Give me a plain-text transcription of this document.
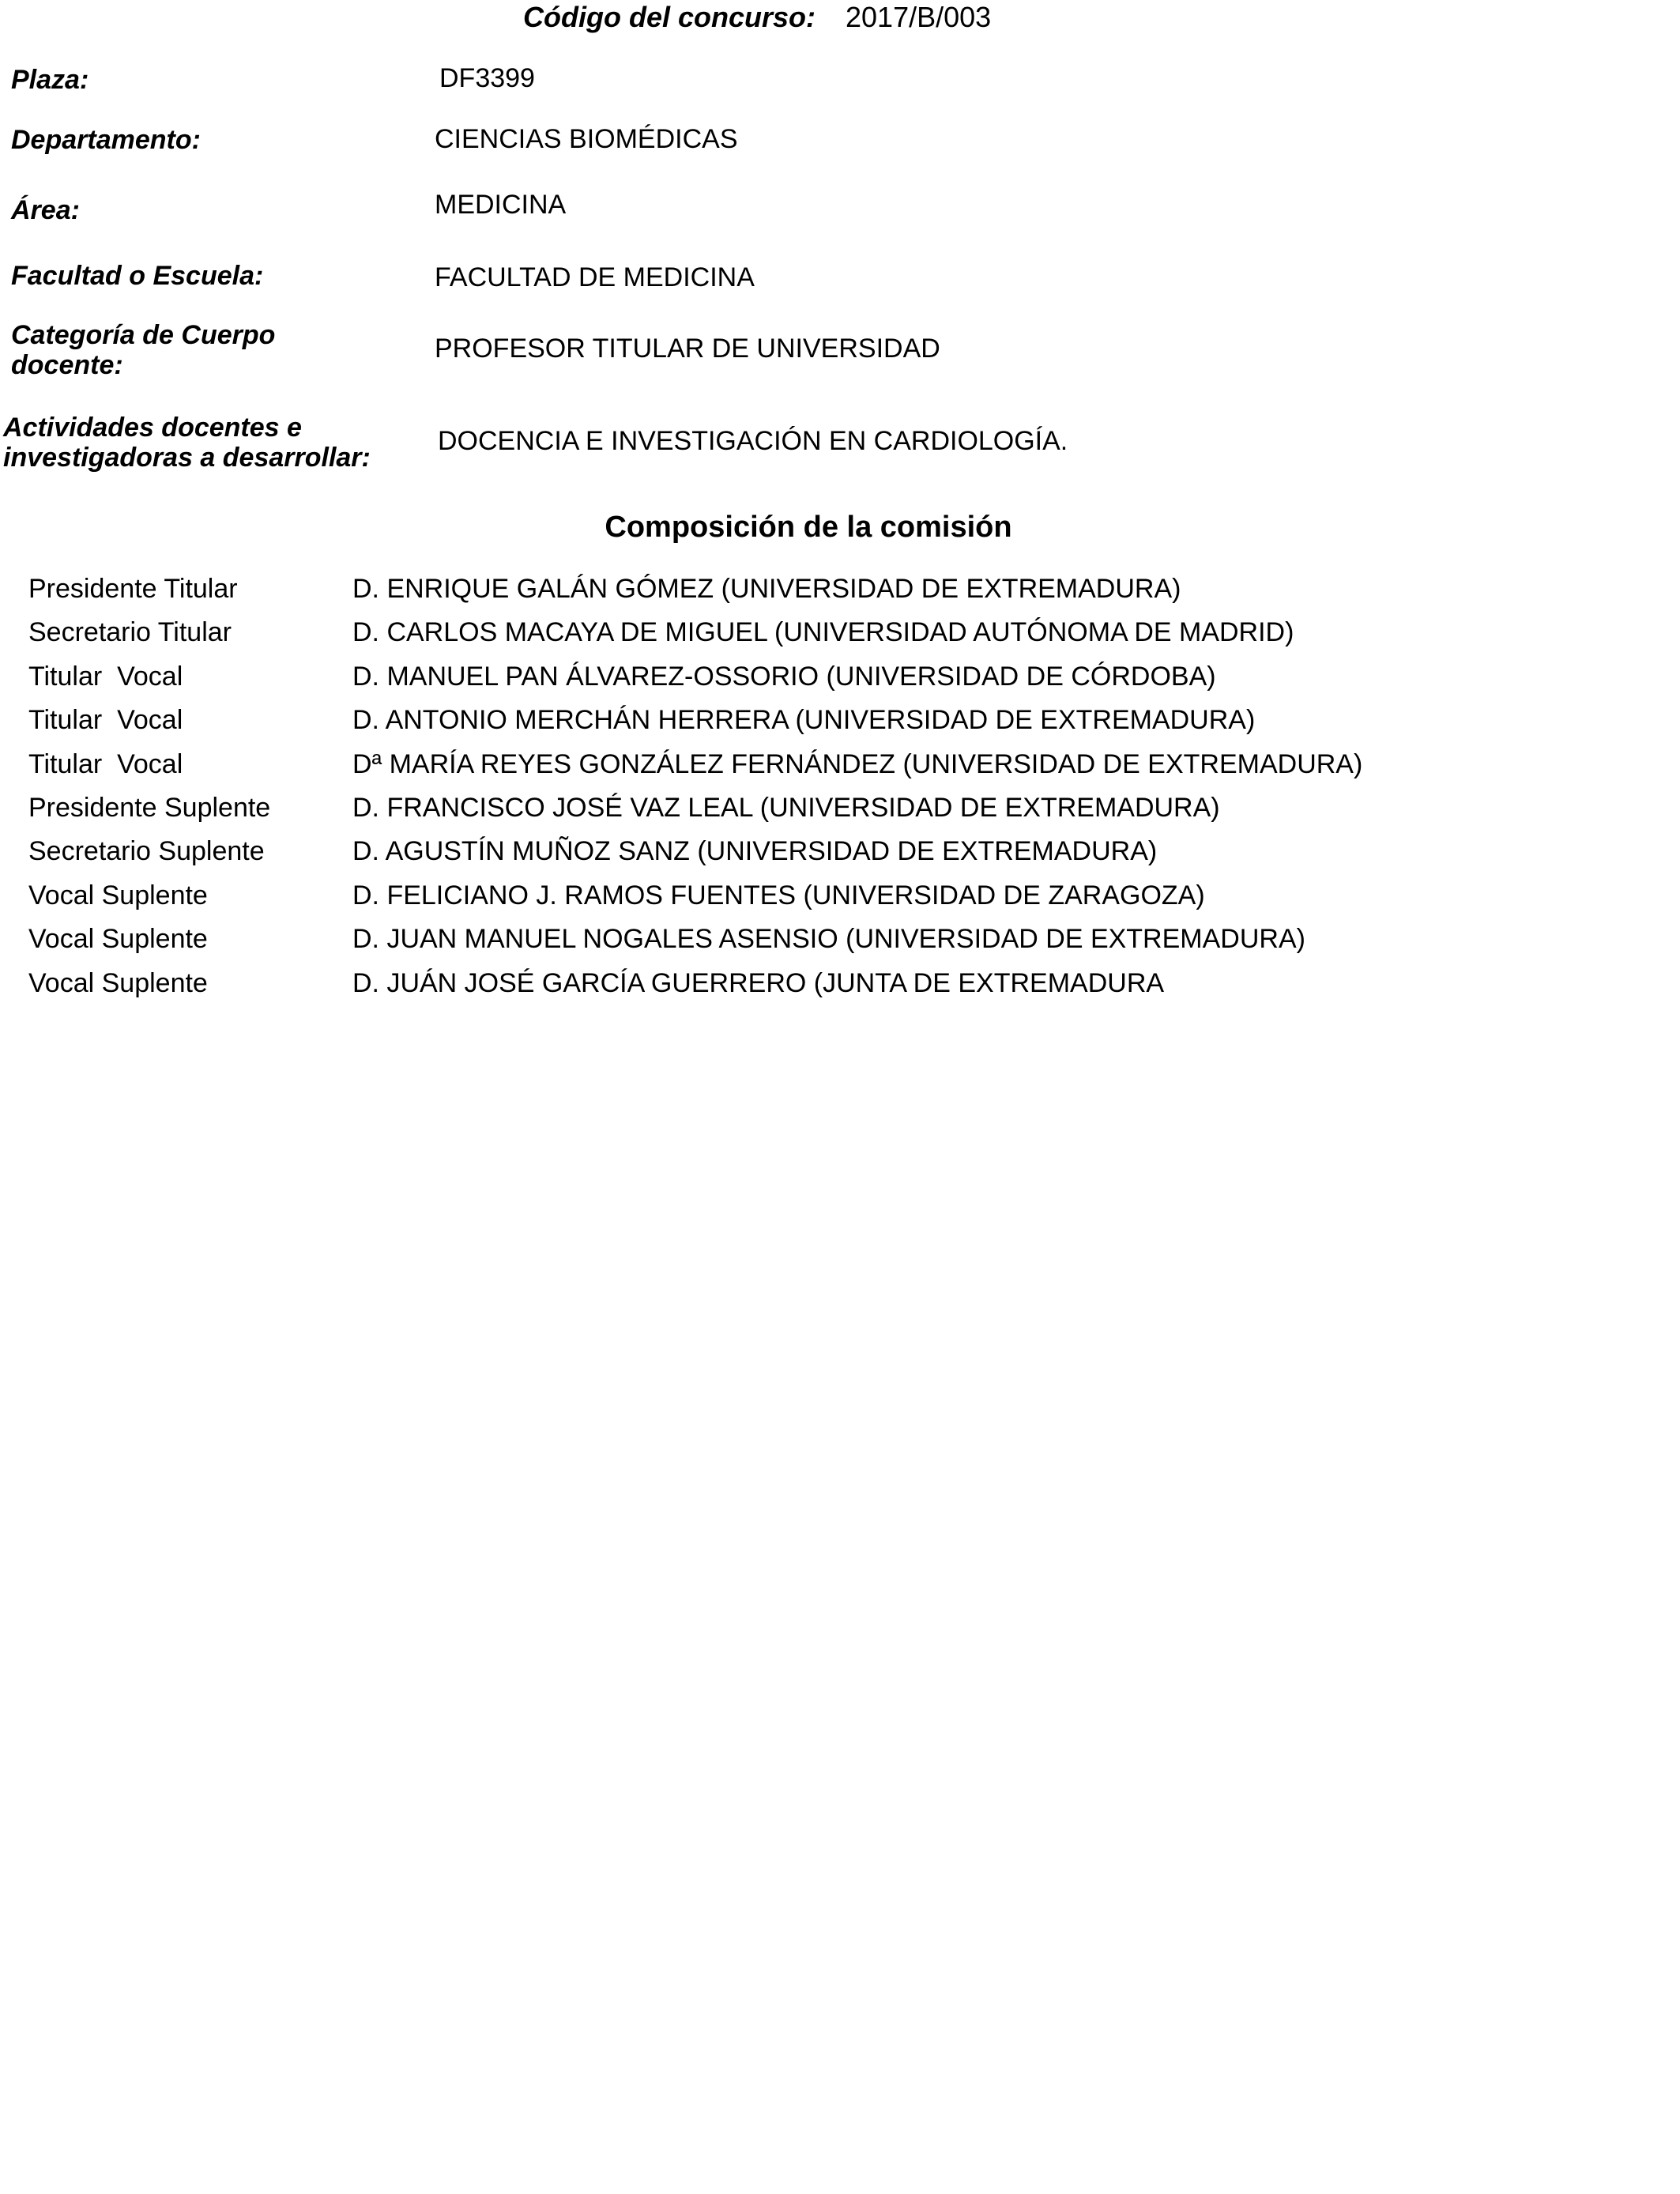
Código del concurso: 2017/B/003
Plaza:	DF3399
Departamento:	CIENCIAS BIOMÉDICAS
Área:	MEDICINA
Facultad o Escuela:	FACULTAD DE MEDICINA
Categoría de Cuerpo
docente:
PROFESOR TITULAR DE UNIVERSIDAD
Actividades docentes e
investigadoras a desarrollar:
DOCENCIA E INVESTIGACIÓN EN CARDIOLOGÍA.
Composición de la comisión
Presidente Titular	D. ENRIQUE GALÁN GÓMEZ (UNIVERSIDAD DE EXTREMADURA)
Secretario Titular	D. CARLOS MACAYA DE MIGUEL (UNIVERSIDAD AUTÓNOMA DE MADRID)
Titular  Vocal	D. MANUEL PAN ÁLVAREZ-OSSORIO (UNIVERSIDAD DE CÓRDOBA)
Titular  Vocal	D. ANTONIO MERCHÁN HERRERA (UNIVERSIDAD DE EXTREMADURA)
Titular  Vocal	Dª MARÍA REYES GONZÁLEZ FERNÁNDEZ (UNIVERSIDAD DE EXTREMADURA)
Presidente Suplente	D. FRANCISCO JOSÉ VAZ LEAL (UNIVERSIDAD DE EXTREMADURA)
Secretario Suplente	D. AGUSTÍN MUÑOZ SANZ (UNIVERSIDAD DE EXTREMADURA)
Vocal Suplente	D. FELICIANO J. RAMOS FUENTES (UNIVERSIDAD DE ZARAGOZA)
Vocal Suplente	D. JUAN MANUEL NOGALES ASENSIO (UNIVERSIDAD DE EXTREMADURA)
Vocal Suplente	D. JUÁN JOSÉ GARCÍA GUERRERO (JUNTA DE EXTREMADURA
